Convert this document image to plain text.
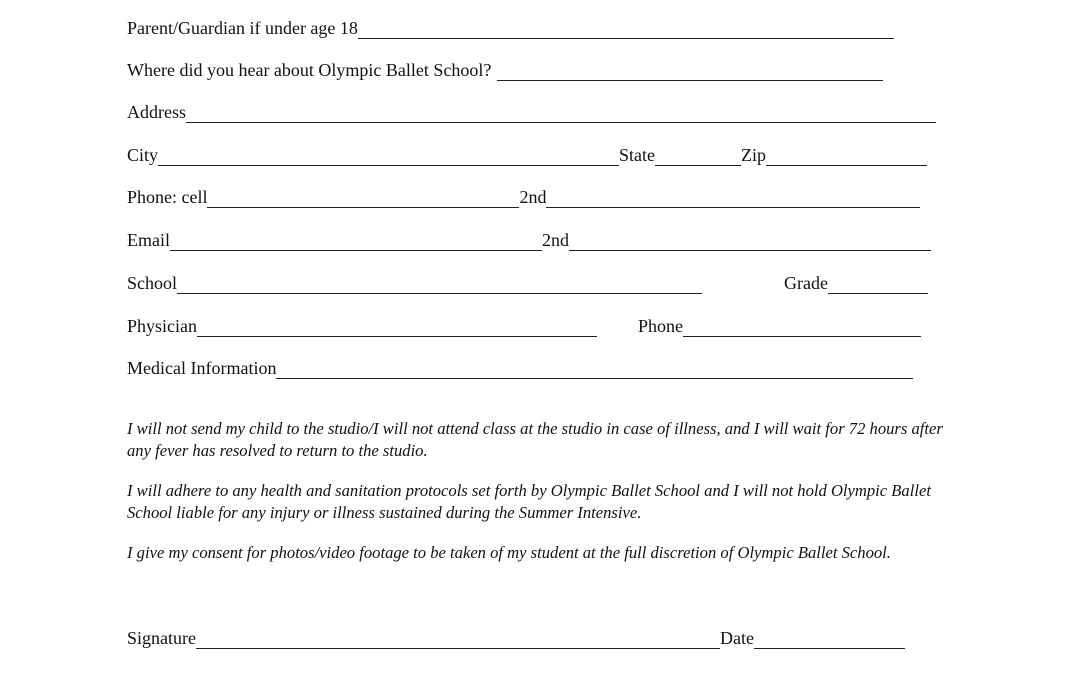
Parent/Guardian if under age 18
Where did you hear about Olympic Ballet School?
Address
City	State	Zip
Phone: cell	2nd
Email	2nd
School	Grade
Physician	Phone
Medical Information

I will not send my child to the studio/I will not attend class at the studio in case of illness, and I will wait for 72 hours after any fever has resolved to return to the studio.

I will adhere to any health and sanitation protocols set forth by Olympic Ballet School and I will not hold Olympic Ballet School liable for any injury or illness sustained during the Summer Intensive.

I give my consent for photos/video footage to be taken of my student at the full discretion of Olympic Ballet School.

Signature	Date
